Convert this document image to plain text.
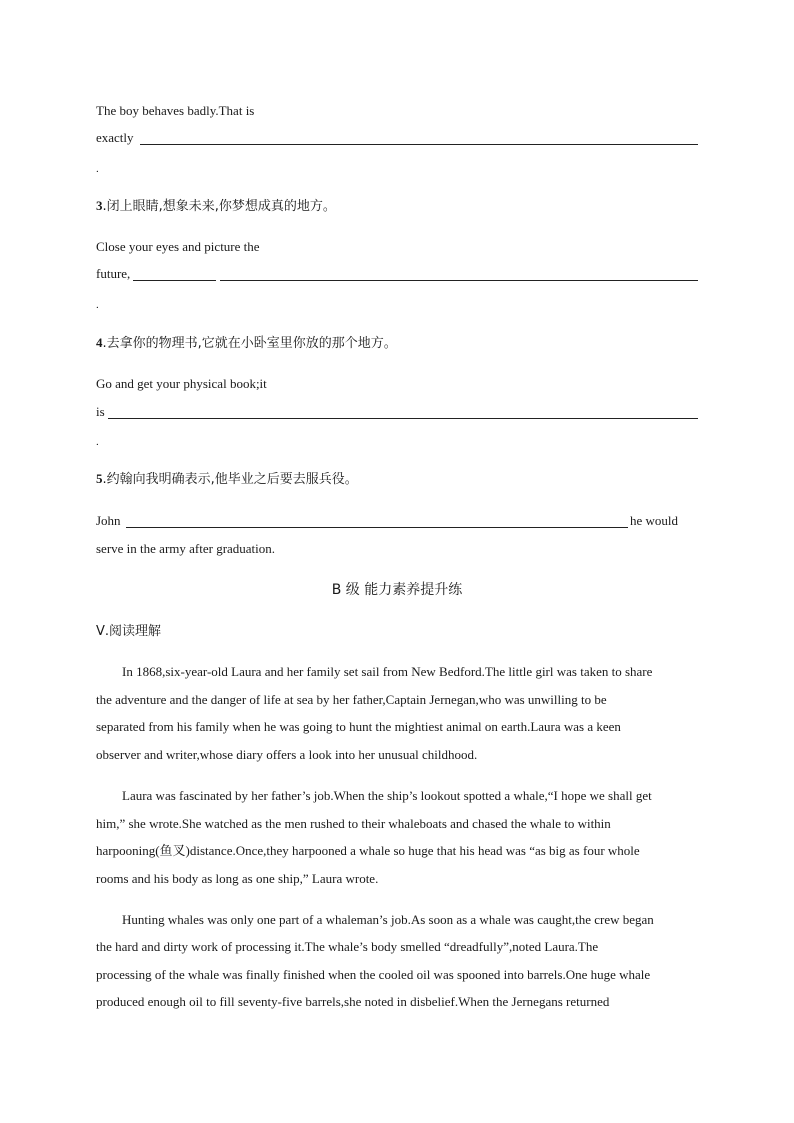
The boy behaves badly.That is
exactly
.
3.闭上眼睛,想象未来,你梦想成真的地方。
Close your eyes and picture the
future,
.
4.去拿你的物理书,它就在小卧室里你放的那个地方。
Go and get your physical book;it
is
.
5.约翰向我明确表示,他毕业之后要去服兵役。
John	he would
serve in the army after graduation.
B 级 能力素养提升练
Ⅴ.阅读理解
In 1868,six-year-old Laura and her family set sail from New Bedford.The little girl was taken to share
the adventure and the danger of life at sea by her father,Captain Jernegan,who was unwilling to be
separated from his family when he was going to hunt the mightiest animal on earth.Laura was a keen
observer and writer,whose diary offers a look into her unusual childhood.
Laura was fascinated by her father’s job.When the ship’s lookout spotted a whale,“I hope we shall get
him,” she wrote.She watched as the men rushed to their whaleboats and chased the whale to within
harpooning(鱼叉)distance.Once,they harpooned a whale so huge that his head was “as big as four whole
rooms and his body as long as one ship,” Laura wrote.
Hunting whales was only one part of a whaleman’s job.As soon as a whale was caught,the crew began
the hard and dirty work of processing it.The whale’s body smelled “dreadfully”,noted Laura.The
processing of the whale was finally finished when the cooled oil was spooned into barrels.One huge whale
produced enough oil to fill seventy-five barrels,she noted in disbelief.When the Jernegans returned
